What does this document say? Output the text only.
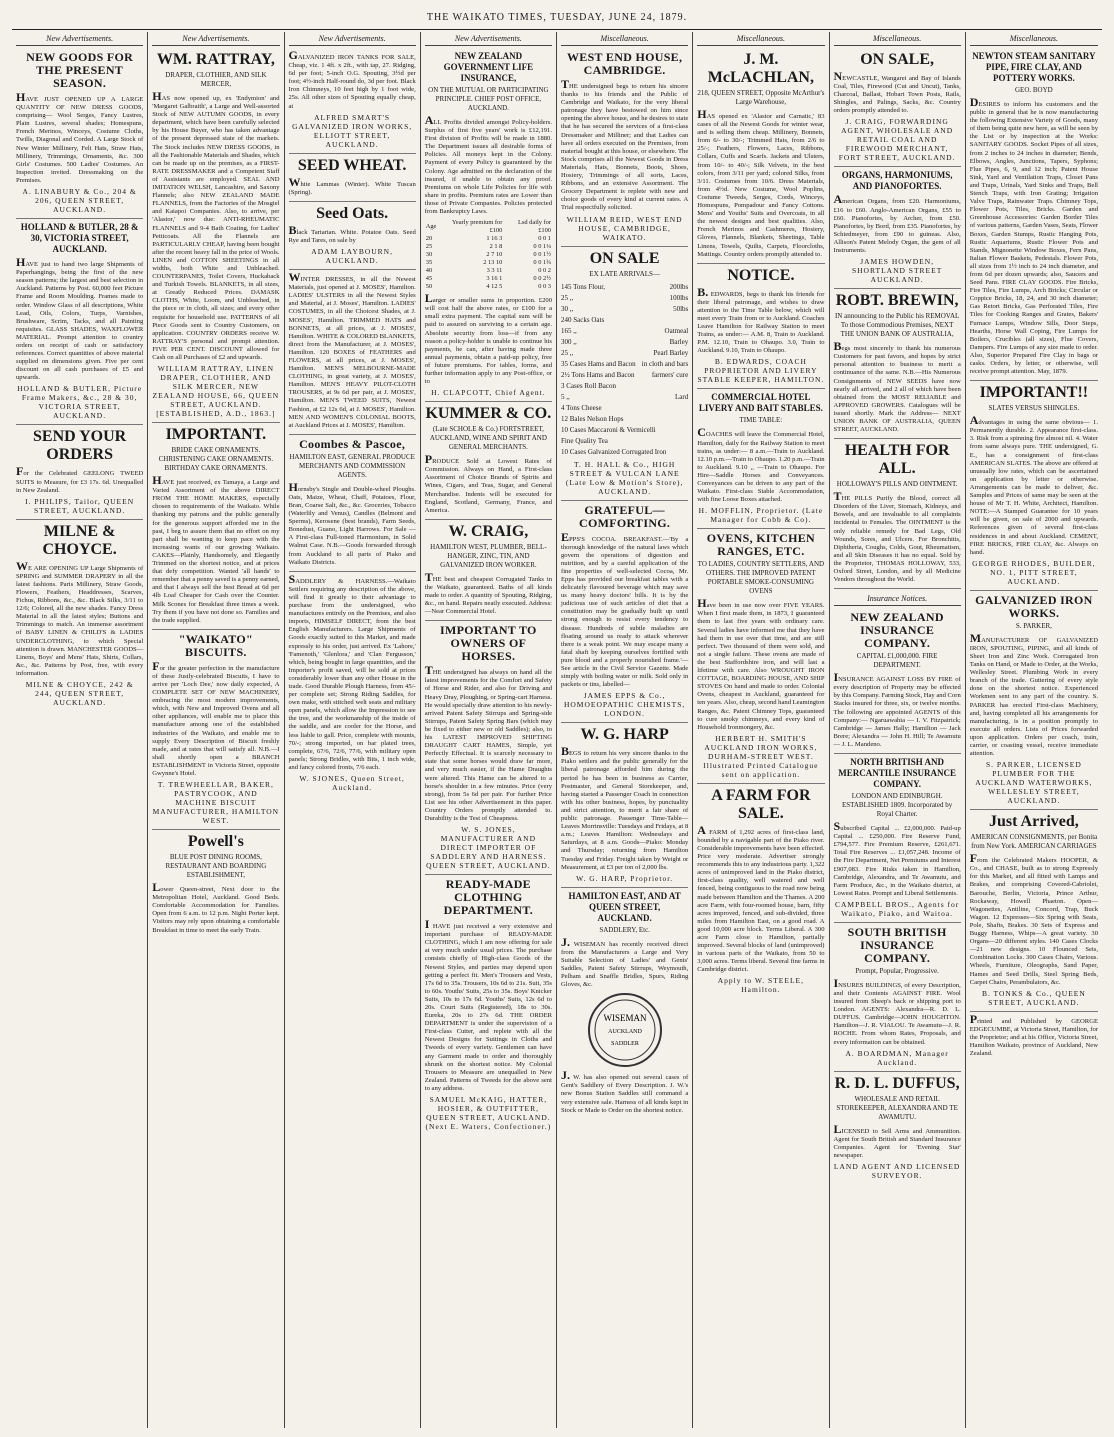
THE WAIKATO TIMES, TUESDAY, JUNE 24, 1879.
New Advertisements.
NEW GOODS FOR THE PRESENT SEASON.
HAVE JUST OPENED UP A LARGE QUANTITY OF NEW DRESS GOODS, comprising— Wool Serges, Fancy Lustres, Plain Lustres, several shades; Homespuns, French Merinos, Winceys, Costume Cloths, Twills, Diagonal and Corded. A Large Stock of New Winter Millinery, Felt Hats, Straw Hats, Millinery, Trimmings, Ornaments, &c. 300 Girls' Costumes. 500 Ladies' Costumes. An Inspection invited. Dressmaking on the Premises.
A. LINABURY & Co., 204 & 206, QUEEN STREET, AUCKLAND.
HOLLAND & BUTLER, 28 & 30, VICTORIA STREET, AUCKLAND.
HAVE just to hand two large Shipments of Paperhangings, being the first of the new season patterns; the largest and best selection in Auckland. Patterns by Post. 60,000 feet Picture Frame and Room Moulding. Frames made to order. Window Glass of all descriptions, White Lead, Oils, Colors, Turps, Varnishes, Brushware, Scrim, Tacks, and all Painting requisites. GLASS SHADES, WAXFLOWER MATERIAL. Prompt attention to country orders on receipt of cash or satisfactory references. Correct quantities of above material supplied on dimensions given. Five per cent discount on all cash purchases of £5 and upwards.
HOLLAND & BUTLER, Picture Frame Makers, &c., 28 & 30, VICTORIA STREET, AUCKLAND.
SEND YOUR ORDERS
For the Celebrated GEELONG TWEED SUITS to Measure, for £3 17s. 6d. Unequalled in New Zealand.
I. PHILIPS, Tailor, QUEEN STREET, AUCKLAND.
MILNE & CHOYCE.
WE ARE OPENING UP Large Shipments of SPRING and SUMMER DRAPERY in all the latest fashions. Paris Millinery, Straw Goods, Flowers, Feathers, Headdresses, Scarves, Fichus, Ribbons, &c., &c. Black Silks, 3/11 to 12/6; Colored, all the new shades. Fancy Dress Material in all the latest styles; Buttons and Trimmings to match. An immense assortment of BABY LINEN & CHILD'S & LADIES UNDERCLOTHING, to which Special attention is drawn. MANCHESTER GOODS— Linens, Boys' and Mens' Hats, Shirts, Collars, &c., &c. Patterns by Post, free, with every information.
MILNE & CHOYCE, 242 & 244, QUEEN STREET, AUCKLAND.
New Advertisements.
WM. RATTRAY,
DRAPER, CLOTHIER, AND SILK MERCER,
HAS now opened up, ex 'Endymion' and 'Margaret Galbraith', a Large and Well-assorted Stock of NEW AUTUMN GOODS, in every department, which have been carefully selected by his House Buyer, who has taken advantage of the present depressed state of the markets. The Stock includes NEW DRESS GOODS, in all the Fashionable Materials and Shades, which can be made up on the premises, as a FIRST-RATE DRESSMAKER and a Competent Staff of Assistants are employed. SEAL AND IMITATION WELSH, Lancashire, and Saxony Flannels; also NEW ZEALAND MADE FLANNELS, from the Factories of the Mosgiel and Kaiapoi Companies. Also, to arrive, per 'Alastor,' now due: ANTI-RHEUMATIC FLANNELS and 9-4 Bath Coating, for Ladies' Petticoats. All the Flannels are PARTICULARLY CHEAP, having been bought after the recent heavy fall in the price of Wools. LINEN and COTTON SHEETINGS in all widths, both White and Unbleached. COUNTERPANES, Toilet Covers, Huckaback and Turkish Towels. BLANKETS, in all sizes, at Greatly Reduced Prices. DAMASK CLOTHS, White, Loom, and Unbleached, in the piece or in cloth, all sizes; and every other requisite for household use. PATTERNS of all Piece Goods sent to Country Customers, on application. COUNTRY ORDERS receive W. RATTRAY'S personal and prompt attention. FIVE PER CENT. DISCOUNT allowed for Cash on all Purchases of £2 and upwards.
WILLIAM RATTRAY, LINEN DRAPER, CLOTHIER, AND SILK MERCER, NEW ZEALAND HOUSE, 66, QUEEN STREET, AUCKLAND. [ESTABLISHED, A.D., 1863.]
IMPORTANT.
BRIDE CAKE ORNAMENTS. CHRISTENING CAKE ORNAMENTS. BIRTHDAY CAKE ORNAMENTS.
HAVE just received, ex Tamaya, a Large and Varied Assortment of the above DIRECT FROM THE HOME MAKERS, especially chosen to requirements of the Waikato. While thanking my patrons and the public generally for the generous support afforded me in the past, I beg to assure them that no effort on my part shall be wanting to keep pace with the increasing wants of our growing Waikato. CAKES—Plainly, Handsomely, and Elegantly Trimmed on the shortest notice, and at prices that defy competition. Wanted 'all hands' to remember that a penny saved is a penny earned, and that I always sell the best Bread at 6d per 4lb Loaf Cheaper for Cash over the Counter. Milk Scones for Breakfast three times a week. Try them if you have not done so. Families and the trade supplied.
"WAIKATO" BISCUITS.
For the greater perfection in the manufacture of these Justly-celebrated Biscuits, I have to arrive per 'Loch Dee,' now daily expected, A COMPLETE SET OF NEW MACHINERY, embracing the most modern improvements, which, with New and Improved Ovens and all other appliances, will enable me to place this manufacture among one of the established industries of the Waikato, and enable me to supply Every Description of Biscuit freshly made, and at rates that will satisfy all. N.B.—I shall shortly open a BRANCH ESTABLISHMENT in Victoria Street, opposite Gwynne's Hotel.
T. TREWHEELLAR, BAKER, PASTRYCOOK, AND MACHINE BISCUIT MANUFACTURER, HAMILTON WEST.
Powell's
BLUE POST DINING ROOMS, RESTAURANT AND BOARDING ESTABLISHMENT,
Lower Queen-street, Next door to the Metropolitan Hotel, Auckland. Good Beds. Comfortable Accommodation for Families. Open from 6 a.m. to 12 p.m. Night Porter kept. Visitors may rely upon obtaining a comfortable Breakfast in time to meet the early Train.
New Advertisements.
GALVANIZED IRON TANKS FOR SALE, Cheap, viz. 1 4ft. x 2ft., with tap, 27. Ridging, 6d per foot; 5-inch O.G. Spouting, 3½d per foot; 4½-inch Half-round do, 3d per foot. Black Iron Chimneys, 10 feet high by 1 foot wide, 25s. All other sizes of Spouting equally cheap, at
ALFRED SMART'S GALVANIZED IRON WORKS, ELLIOTT STREET, AUCKLAND.
SEED WHEAT.
White Lammas (Winter). White Tuscan (Spring).
Seed Oats.
Black Tartarian. White. Potatoe Oats. Seed Rye and Tares, on sale by
ADAM LAYBOURN, AUCKLAND.
WINTER DRESSES, in all the Newest Materials, just opened at J. MOSES', Hamilton. LADIES' ULSTERS in all the Newest Styles and Material, at J. Moses', Hamilton. LADIES' COSTUMES, in all the Choicest Shades, at J. MOSES', Hamilton. TRIMMED HATS and BONNETS, at all prices, at J. MOSES', Hamilton. WHITE & COLORED BLANKETS, direct from the Manufacturer, at J. MOSES', Hamilton. 120 BOXES of FEATHERS and FLOWERS, at all prices, at J. MOSES', Hamilton. MEN'S MELBOURNE-MADE CLOTHING, in great variety, at J. MOSES', Hamilton. MEN'S HEAVY PILOT-CLOTH TROUSERS, at 9s 6d per pair, at J. MOSES', Hamilton. MEN'S TWEED SUITS, Newest Fashion, at £2 12s 6d, at J. MOSES', Hamilton. MEN AND WOMEN'S COLONIAL BOOTS, at Auckland Prices at J. MOSES', Hamilton.
Coombes & Pascoe,
HAMILTON EAST, GENERAL PRODUCE MERCHANTS AND COMMISSION AGENTS.
Hornsby's Single and Double-wheel Ploughs. Oats, Maize, Wheat, Chaff, Potatoes, Flour, Bran, Coarse Salt, &c., &c. Groceries, Tobacco (Waterlily and Venus), Candles (Belmont and Sperms), Kerosene (best brands), Farm Seeds, Bonedust, Guano, Light Harrows. For Sale — A First-class Full-toned Harmonium, in Solid Walnut Case. N.B.—Goods forwarded through from Auckland to all parts of Piako and Waikato Districts.
SADDLERY & HARNESS.—Waikato Settlers requiring any description of the above, will find it greatly to their advantage to purchase from the undersigned, who manufactures entirely on the Premises, and also imports, HIMSELF DIRECT, from the best English Manufacturers. Large Shipments of Goods exactly suited to this Market, and made expressly to his order, just arrived. Ex 'Lahore,' 'Famenoth,' 'Glenlora,' and 'Clan Fergusson,' which, being bought in large quantities, and the Importer's profit saved, will be sold at prices considerably lower than any other House in the trade. Good Durable Plough Harness, from 45/- per complete set; Strong Riding Saddles, for own make, with stitched welt seats and military open panels, which allow the Impression to see the tree, and the workmanship of the inside of the saddle, and are cooler for the Horse, and less liable to gall. Price, complete with mounts, 70/-; strong imported, on bar plated trees, complete, 67/6, 72/6, 77/6, with military open panels; Strong Bridles, with Bits, 1 inch wide, and fancy colored fronts, 7/6 each.
W. SJONES, Queen Street, Auckland.
New Advertisements.
NEW ZEALAND GOVERNMENT LIFE INSURANCE,
ON THE MUTUAL OR PARTICIPATING PRINCIPLE. CHIEF POST OFFICE, AUCKLAND.
ALL Profits divided amongst Policy-holders. Surplus of first five years' work is £12,191. First division of Profits will be made in 1880. The Department issues all desirable forms of Policies. All moneys kept in the Colony. Payment of every Policy is guaranteed by the Colony. Age admitted on the declaration of the insured, if unable to obtain any proof. Premiums on whole Life Policies for life with share in profits. Premium rates are Lower than those of Private Companies. Policies protected from Bankruptcy Laws.
Age	Yearly premium for £100	Lsd daily for £100
20	1 16 3	0 0 1
25	2 1 8	0 0 1¼
30	2 7 10	0 0 1½
35	2 13 10	0 0 1¾
40	3 3 11	0 0 2
45	3 16 1	0 0 2½
50	4 12 5	0 0 3
Larger or smaller sums in proportion. £200 will cost half the above rates, or £100 for a small extra payment. The capital sum will be paid to assured on surviving to a certain age. Absolute security from loss—if from any reason a policy-holder is unable to continue his payments, he can, after having made three annual payments, obtain a paid-up policy, free of future premiums. For tables, forms, and further information apply to any Post-office, or to
H. CLAPCOTT, Chief Agent.
KUMMER & CO.
(Late SCHOLE & Co.) FORTSTREET, AUCKLAND, WINE AND SPIRIT AND GENERAL MERCHANTS.
PRODUCE Sold at Lowest Rates of Commission. Always on Hand, a First-class Assortment of Choice Brands of Spirits and Wines, Cigars, and Teas, Sugar, and General Merchandise. Indents will be executed for England, Scotland, Germany, France, and America.
W. CRAIG,
HAMILTON WEST, PLUMBER, BELL-HANGER, ZINC, TIN, AND GALVANIZED IRON WORKER.
THE best and cheapest Corrugated Tanks in the Waikato, guaranteed. Baths of all kinds made to order. A quantity of Spouting, Ridging, &c., on hand. Repairs neatly executed. Address:—Near Commercial Hotel.
IMPORTANT TO OWNERS OF HORSES.
THE undersigned has always on hand all the latest improvements for the Comfort and Safety of Horse and Rider, and also for Driving and Heavy Dray, Ploughing, or Spring-cart Harness. He would specially draw attention to his newly-arrived Patent Safety Stirrups and Spring-side Stirrups, Patent Safety Spring Bars (which may be fixed to either new or old Saddles); also, to his LATEST IMPROVED SHIFTING DRAUGHT CART HAMES, Simple, yet Perfectly Effectual. It is scarcely necessary to state that some horses would draw far more, and very much easier, if the Hame Draughts were altered. This Hame can be altered to a horse's shoulder in a few minutes. Price (very strong), from 5s 6d per pair. For further Price List see his other Advertisement in this paper. Country Orders promptly attended to. Durability is the Test of Cheapness.
W. S. JONES, MANUFACTURER AND DIRECT IMPORTER OF SADDLERY AND HARNESS. QUEEN STREET, AUCKLAND.
READY-MADE CLOTHING DEPARTMENT.
I HAVE just received a very extensive and important purchase of READY-MADE CLOTHING, which I am now offering for sale at very much under usual prices. The purchase consists chiefly of High-class Goods of the Newest Styles, and parties may depend upon getting a perfect fit. Men's Trousers and Vests, 17s 6d to 35s. Trousers, 10s 6d to 21s. Suit, 35s to 60s. Youths' Suits, 25s to 35s. Boys' Knicker Suits, 10s to 17s 6d. Youths' Suits, 12s 6d to 20s. Court Suits (Registered), 18s to 30s. Eureka, 20s to 27s 6d. THE ORDER DEPARTMENT is under the supervision of a First-class Cutter, and replete with all the Newest Designs for Suitings in Cloths and Tweeds of every variety. Gentlemen can have any Garment made to order and thoroughly shrunk on the shortest notice. My Colonial Trousers to Measure are unequalled in New Zealand. Patterns of Tweeds for the above sent to any address.
SAMUEL McKAIG, HATTER, HOSIER, & OUTFITTER, QUEEN STREET, AUCKLAND. (Next E. Waters, Confectioner.)
Miscellaneous.
WEST END HOUSE, CAMBRIDGE.
THE undersigned begs to return his sincere thanks to his friends and the Public of Cambridge and Waikato, for the very liberal patronage they have bestowed on him since opening the above house, and he desires to state that he has secured the services of a first-class Dressmaker and Milliner; and that Ladies can have all orders executed on the Premises, from material bought at this house, or elsewhere. The Stock comprises all the Newest Goods in Dress Materials, Hats, Bonnets, Boots, Shoes, Hosiery, Trimmings of all sorts, Laces, Ribbons, and an extensive Assortment. The Grocery Department is replete with new and choice goods of every kind at current rates. A Trial respectfully solicited.
WILLIAM REID, WEST END HOUSE, CAMBRIDGE, WAIKATO.
ON SALE
EX LATE ARRIVALS—
145 Tons Flour,	200lbs
25 ,,	100lbs
30 ,,	50lbs
240 Sacks Oats
165 ,,	Oatmeal
300 ,,	Barley
25 ,,	Pearl Barley
35 Cases Hams and Bacon in cloth and bars
2½ Tons Hams and Bacon farmers' cure
3 Cases Roll Bacon
5 ,,	Lard
4 Tons Cheese
12 Bales Nelson Hops
10 Cases Maccaroni & Vermicelli
Fine Quality Tea
10 Cases Galvanized Corrugated Iron
T. H. HALL & Co., HIGH STREET & VULCAN LANE (Late Low & Motion's Store), AUCKLAND.
GRATEFUL—COMFORTING.
EPPS'S COCOA. BREAKFAST.—'By a thorough knowledge of the natural laws which govern the operations of digestion and nutrition, and by a careful application of the fine properties of well-selected Cocoa, Mr. Epps has provided our breakfast tables with a delicately flavoured beverage which may save us many heavy doctors' bills. It is by the judicious use of such articles of diet that a constitution may be gradually built up until strong enough to resist every tendency to disease. Hundreds of subtle maladies are floating around us ready to attack wherever there is a weak point. We may escape many a fatal shaft by keeping ourselves fortified with pure blood and a properly nourished frame.'—See article in the Civil Service Gazette. Made simply with boiling water or milk. Sold only in packets or tins, labelled—
JAMES EPPS & Co., HOMOEOPATHIC CHEMISTS, LONDON.
W. G. HARP
BEGS to return his very sincere thanks to the Piako settlers and the public generally for the liberal patronage afforded him during the period he has been in business as Carrier, Postmaster, and General Storekeeper, and, having started a Passenger Coach in connection with his other business, hopes, by punctuality and strict attention, to merit a fair share of public patronage. Passenger Time-Table—Leaves Morrinsville: Tuesdays and Fridays, at 8 a.m.; Leaves Hamilton: Wednesdays and Saturdays, at 8 a.m. Goods—Piako: Monday and Thursday; returning from Hamilton Tuesday and Friday. Freight taken by Weight or Measurement, at £3 per ton of 2,000 lbs.
W. G. HARP, Proprietor.
HAMILTON EAST, AND AT QUEEN STREET, AUCKLAND.
SADDLERY, Etc.
J. WISEMAN has recently received direct from the Manufacturers a Large and Very Suitable Selection of Ladies' and Gents' Saddles, Patent Safety Stirrups, Weymouth, Pelham and Snaffle Bridles, Spurs, Riding Gloves, &c.
WISEMAN
AUCKLAND
SADDLER
J. W. has also opened out several cases of Gent's Saddlery of Every Description. J. W.'s new Bonus Station Saddles still command a very extensive sale. Harness of all kinds kept in Stock or Made to Order on the shortest notice.
Miscellaneous.
J. M. McLACHLAN,
218, QUEEN STREET, Opposite McArthur's Large Warehouse,
HAS opened ex 'Alastor and Carnatic,' 83 cases of all the Newest Goods for winter wear, and is selling them cheap. Millinery, Bonnets, from 6/- to 30/-; Trimmed Hats, from 2/6 to 25/-; Feathers, Flowers, Laces, Ribbons, Collars, Cuffs and Scarfs. Jackets and Ulsters, from 10/- to 40/-; Silk Velvets, in the best colors, from 3/11 per yard; colored Silks, from 3/11. Costumes from 10/6. Dress Materials, from 4½d. New Costume, Wool Poplins, Costume Tweeds, Serges, Cords, Winceys, Homespuns, Pompadour and Fancy Cottons. Mens' and Youths' Suits and Overcoats, in all the newest designs and best qualities. Also, French Merinos and Cashmeres, Hosiery, Gloves, Flannels, Blankets, Sheetings, Table Linens, Towels, Quilts, Carpets, Floorcloths, Mattings. Country orders promptly attended to.
NOTICE.
B. EDWARDS, begs to thank his friends for their liberal patronage, and wishes to draw attention to the Time Table below, which will meet every Train from or to Auckland. Coaches Leave Hamilton for Railway Station to meet Trains, as under:— A.M. 8, Train to Auckland. P.M. 12.10, Train to Ohaupo. 3.0, Train to Auckland. 9.10, Train to Ohaupo.
B. EDWARDS, COACH PROPRIETOR AND LIVERY STABLE KEEPER, HAMILTON.
COMMERCIAL HOTEL LIVERY AND BAIT STABLES.
TIME TABLE:
COACHES will leave the Commercial Hotel, Hamilton, daily for the Railway Station to meet trains, as under:— 8 a.m.—Train to Auckland. 12.10 p.m.—Train to Ohaupo. 1.20 p.m.—Train to Auckland. 9.10 ,, —Train to Ohaupo. For Hire—Saddle Horses and Conveyances. Conveyances can be driven to any part of the Waikato. First-class Stable Accommodation, with fine Loose Boxes attached.
H. MOFFLIN, Proprietor. (Late Manager for Cobb & Co).
OVENS, KITCHEN RANGES, ETC.
TO LADIES, COUNTRY SETTLERS, AND OTHERS. THE IMPROVED PATENT PORTABLE SMOKE-CONSUMING OVENS
Have been in use now over FIVE YEARS. When I first made them, in 1873, I guaranteed them to last five years with ordinary care. Several ladies have informed me that they have had them in use over that time, and are still perfect. Two thousand of them were sold, and not a single failure. These ovens are made of the best Staffordshire iron, and will last a lifetime with care. Also WROUGHT IRON COTTAGE, BOARDING HOUSE, AND SHIP STOVES On hand and made to order. Colonial Ovens, cheapest in Auckland, guaranteed for ten years. Also, cheap, second hand Leamington Ranges, &c. Patent Chimney Tops, guaranteed to cure smoky chimneys, and every kind of Household Ironmongery, &c.
HERBERT H. SMITH'S AUCKLAND IRON WORKS, DURHAM-STREET WEST. Illustrated Printed Catalogue sent on application.
A FARM FOR SALE.
A FARM of 1,292 acres of first-class land, bounded by a navigable part of the Piako river. Considerable improvements have been effected. Price very moderate. Advertiser strongly recommends this to any industrious party. 1,322 acres of unimproved land in the Piako district, first-class quality, well watered and well fenced, being contiguous to the road now being made between Hamilton and the Thames. A 200 acre Farm, with four-roomed house, barn, fifty acres improved, fenced, and sub-divided, three miles from Hamilton East, on a good road. A good 10,000 acre block. Terms Liberal. A 300 acre Farm close to Hamilton, partially improved. Several blocks of land (unimproved) in various parts of the Waikato, from 50 to 3,000 acres. Terms liberal. Several fine farms in Cambridge district.
Apply to W. STEELE, Hamilton.
Miscellaneous.
ON SALE,
NEWCASTLE, Wangarei and Bay of Islands Coal, Tiles, Firewood (Cut and Uncut), Tanks, Charcoal, Ballast, Hobart Town Posts, Rails, Shingles, and Palings, Sacks, &c. Country orders promptly attended to.
J. CRAIG, FORWARDING AGENT, WHOLESALE AND RETAIL COAL AND FIREWOOD MERCHANT, FORT STREET, AUCKLAND.
ORGANS, HARMONIUMS, AND PIANOFORTES.
American Organs, from £20. Harmoniums, £16 to £60. Anglo-American Organs, £55 to £60. Pianofortes, by Archer, from £50. Pianofortes, by Bord, from £35. Pianofortes, by Schiedmeyer, from £90 to guineas. Also, Allison's Patent Melody Organ, the gem of all Instruments.
JAMES HOWDEN, SHORTLAND STREET AUCKLAND.
ROBT. BREWIN,
IN announcing to the Public his REMOVAL To those Commodious Premises, NEXT THE UNION BANK OF AUSTRALIA,
Begs most sincerely to thank his numerous Customers for past favors, and hopes by strict personal attention to business to merit a continuance of the same. N.B.—His Numerous Consignments of NEW SEEDS have now nearly all arrived, and 2 all of which have been obtained from the MOST RELIABLE and APPROVED GROWERS. Catalogues will be issued shortly. Mark the Address— NEXT UNION BANK OF AUSTRALIA, QUEEN STREET, AUCKLAND.
HEALTH FOR ALL.
HOLLOWAY'S PILLS AND OINTMENT.
THE PILLS Purify the Blood, correct all Disorders of the Liver, Stomach, Kidneys, and Bowels, and are invaluable to all complaints incidental to Females. The OINTMENT is the only reliable remedy for Bad Legs, Old Wounds, Sores, and Ulcers. For Bronchitis, Diphtheria, Coughs, Colds, Gout, Rheumatism, and all Skin Diseases it has no equal. Sold by the Proprietor, THOMAS HOLLOWAY, 533, Oxford Street, London, and by all Medicine Vendors throughout the World.
Insurance Notices.
NEW ZEALAND INSURANCE COMPANY.
CAPITAL £1,000,000. FIRE DEPARTMENT.
INSURANCE AGAINST LOSS BY FIRE of every description of Property may be effected by this Company. Farming Stock, Hay and Corn Stacks insured for three, six, or twelve months. The following are appointed AGENTS of this Company:— Ngaruawahia — I. V. Fitzpatrick; Cambridge — James Hally; Hamilton — Jack Brere; Alexandra — John H. Hill; Te Awamutu — J. L. Mandeno.
NORTH BRITISH AND MERCANTILE INSURANCE COMPANY.
LONDON AND EDINBURGH. ESTABLISHED 1809. Incorporated by Royal Charter.
Subscribed Capital ... £2,000,000. Paid-up Capital ... £250,000. Fire Reserve Fund, £794,577. Fire Premium Reserve, £261,671. Total Fire Reserves ... £1,057,248. Income of the Fire Department, Net Premiums and Interest £907,083. Fire Risks taken in Hamilton, Cambridge, Alexandra, and Te Awamutu, and Farm Produce, &c., in the Waikato district, at Lowest Rates. Prompt and Liberal Settlements.
CAMPBELL BROS., Agents for Waikato, Piako, and Waitoa.
SOUTH BRITISH INSURANCE COMPANY.
Prompt, Popular, Progressive.
INSURES BUILDINGS, of every Description, and their Contents AGAINST FIRE. Wool insured from Sheep's back or shipping port to London. AGENTS: Alexandra—R. D. L. DUFFUS. Cambridge—JOHN HOUGHTON. Hamilton—J. R. VIALOU. Te Awamutu—J. R. ROCHE. From whom Rates, Proposals, and every information can be obtained.
A. BOARDMAN, Manager Auckland.
R. D. L. DUFFUS,
WHOLESALE AND RETAIL STOREKEEPER, ALEXANDRA AND TE AWAMUTU.
LICENSED to Sell Arms and Ammunition. Agent for South British and Standard Insurance Companies. Agent for 'Evening Star' newspaper.
LAND AGENT AND LICENSED SURVEYOR.
Miscellaneous.
NEWTON STEAM SANITARY PIPE, FIRE CLAY, AND POTTERY WORKS.
GEO. BOYD
DESIRES to inform his customers and the public in general that he is now manufacturing the following Extensive Variety of Goods, many of them being quite new here, as will be seen by the List or by inspection at the Works: SANITARY GOODS. Socket Pipes of all sizes, from 2 inches to 24 inches in diameter; Bends, Elbows, Angles, Junctions, Tapers, Syphons; Flue Pipes, 6, 9, and 12 inch; Patent House Sink, Yard and Ventilation Traps, Closet Pans and Traps, Urinals, Yard Sinks and Traps, Bell Stench Traps, with Iron Grating; Irrigation Valve Traps, Rainwater Traps. Chimney Tops, Flower Pots, Tiles, Bricks. Garden and Greenhouse Accessories: Garden Border Tiles of various patterns, Garden Vases, Seats, Flower Boxes, Garden Stumps, Rustic Hanging Pots, Rustic Aquariums, Rustic Flower Pots and Stands, Mignonette Window Boxes, Fern Pans, Italian Flower Baskets, Pedestals. Flower Pots, all sizes from 1½ inch to 24 inch diameter, and from 6d per dozen upwards; also, Saucers and Seed Pans. FIRE CLAY GOODS. Fire Bricks, Fire Tiles, Fire Lumps, Arch Bricks; Circular or Coppice Bricks, 18, 24, and 30 inch diameter; Gas Retort Bricks, Gas Perforated Tiles, Fire Tiles for Cooking Ranges and Grates, Bakers' Furnace Lumps, Window Sills, Door Steps, Hearths, Horse Wall Coping, Fire Lumps for Boilers, Crucibles (all sizes), Flue Covers, Dampers. Fire Lumps of any size made to order. Also, Superior Prepared Fire Clay in bags or casks. Orders, by letter, or otherwise, will receive prompt attention. May, 1879.
IMPORTANT!!
SLATES VERSUS SHINGLES.
Advantages in using the same obvious— 1. Permanently durable. 2. Appearance first-class. 3. Risk from a spinning fire almost nil. 4. Water from same always pure. THE undersigned, G. E., has a consignment of first-class AMERICAN SLATES. The above are offered at unusually low rates, which can be ascertained on application by letter or otherwise. Arrangements can be made to deliver, &c. Samples and Prices of same may be seen at the house of Mr T. H. White, Architect, Hamilton. NOTE:—A Stamped Guarantee for 10 years will be given, on sale of 2000 and upwards. References given of several first-class residences in and about Auckland. CEMENT, FIRE BRICKS, FIRE CLAY, &c. Always on hand.
GEORGE RHODES, BUILDER, NO. 1, PITT STREET, AUCKLAND.
GALVANIZED IRON WORKS.
S. PARKER,
MANUFACTURER OF GALVANIZED IRON, SPOUTING, PIPING, and all kinds of Sheet Iron and Zinc Work. Corrugated Iron Tanks on Hand, or Made to Order, at the Works, Wellesley Street. Plumbing Work in every branch of the trade. Guttering of every style done on the shortest notice. Experienced Workmen sent to any part of the country. S. PARKER has erected First-class Machinery, and, having completed all his arrangements for manufacturing, is in a position promptly to execute all orders. Lists of Prices forwarded upon application. Orders per coach, train, carrier, or coasting vessel, receive immediate attention.
S. PARKER, LICENSED PLUMBER FOR THE AUCKLAND WATERWORKS, WELLESLEY STREET, AUCKLAND.
Just Arrived,
AMERICAN CONSIGNMENTS, per Bonita from New York. AMERICAN CARRIAGES
From the Celebrated Makers HOOPER, & Co., and CHASE, built as to strong Expressly for this Market, and all fitted with Lamps and Brakes, and comprising Covered-Cabriolet, Barouche, Berlin, Victoria, Prince Arthur, Rockaway, Howell Phaeton. Open—Wagonettes, Antiline, Concord, Trap, Buck Wagon. 12 Expresses—Six Spring with Seats, Pole, Shafts, Brakes. 30 Sets of Express and Buggy Harness, Whips—A great variety. 30 Organs—20 different styles. 140 Cases Clocks—21 new designs. 10 Flounced Sets, Combination Locks. 300 Cases Chairs, Various. Wheels, Furniture, Oleographs, Sand Paper, Hames and Seed Drills, Steel Spring Beds, Carpet Chairs, Perambulators, &c.
B. TONKS & Co., QUEEN STREET, AUCKLAND.
Printed and Published by GEORGE EDGECUMBE, at Victoria Street, Hamilton, for the Proprietor; and at his Office, Victoria Street, Hamilton Waikato, province of Auckland, New Zealand.
